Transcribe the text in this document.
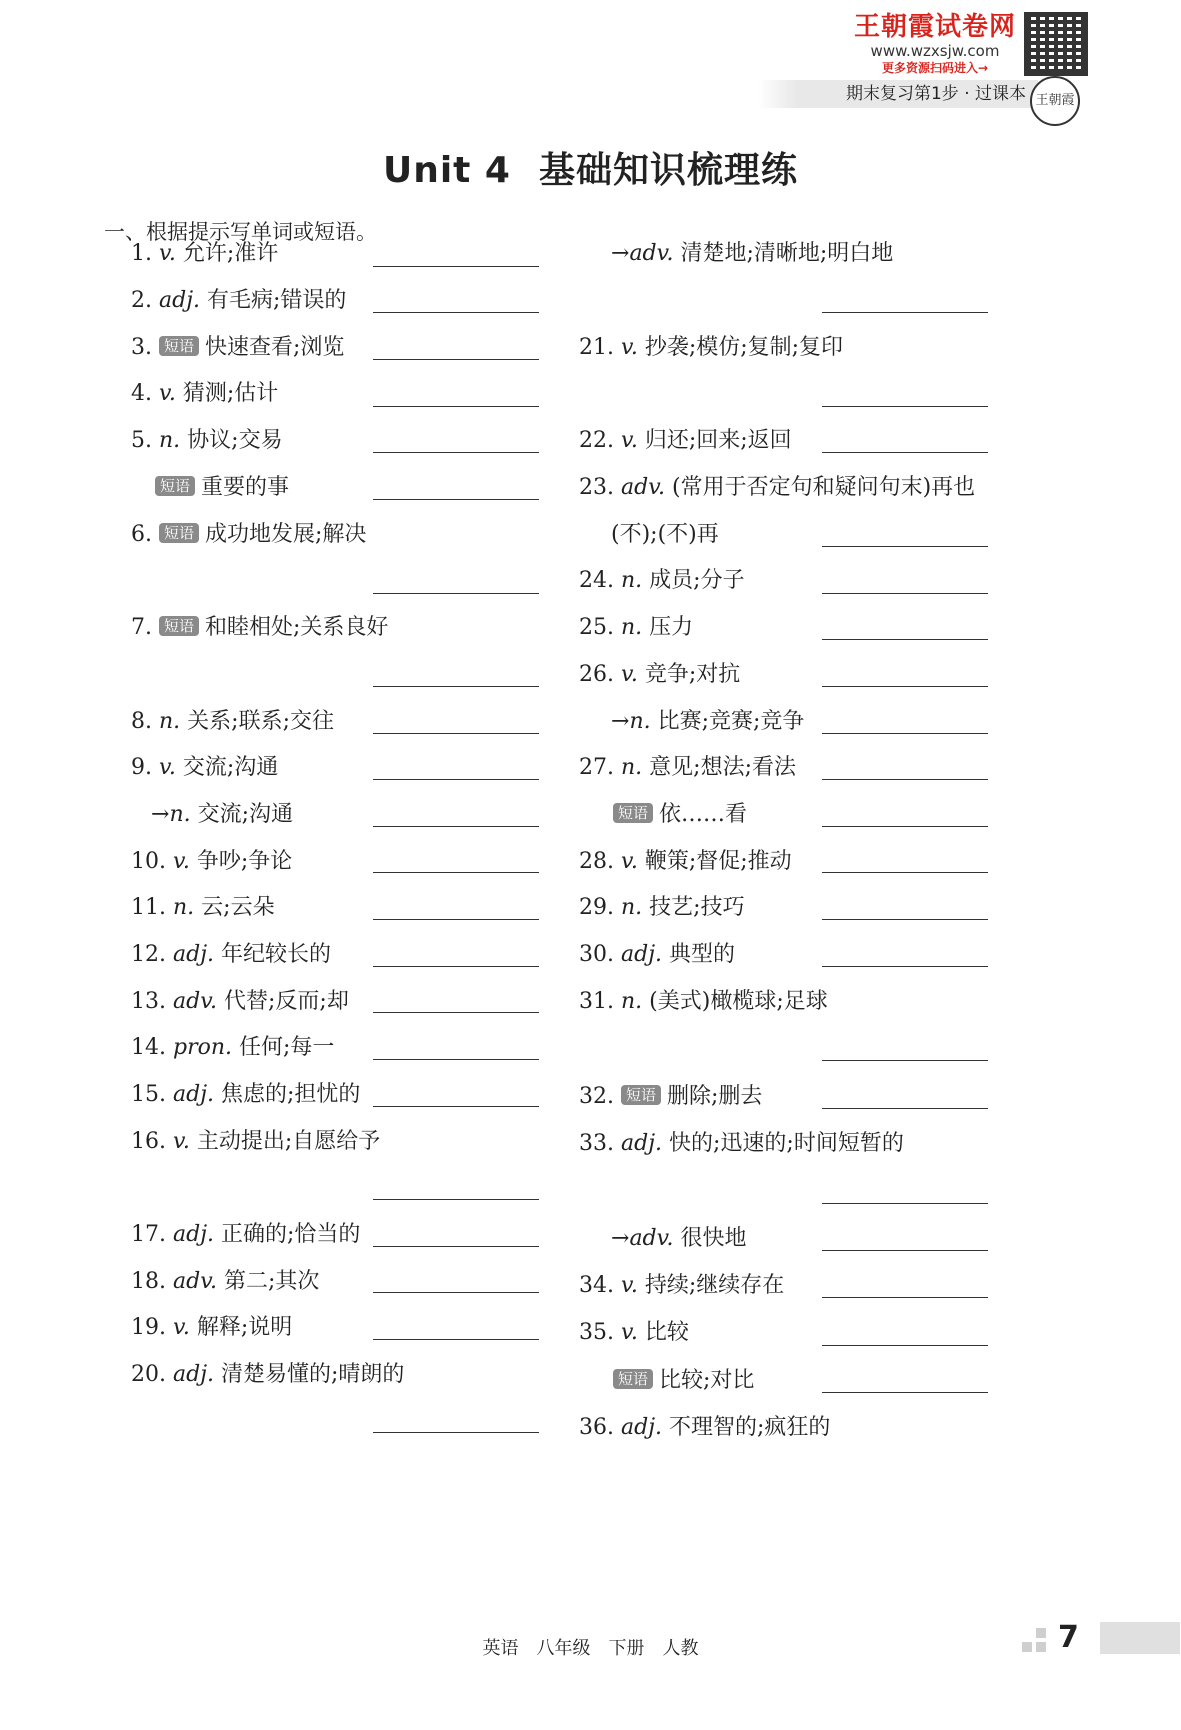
王朝霞试卷网
www.wzxsjw.com
更多资源扫码进入→
期末复习第1步 · 过课本 王朝霞
Unit 4 基础知识梳理练
一、根据提示写单词或短语。
1. v. 允许;准许
2. adj. 有毛病;错误的
3. 短语 快速查看;浏览
4. v. 猜测;估计
5. n. 协议;交易
短语 重要的事
6. 短语 成功地发展;解决
7. 短语 和睦相处;关系良好
8. n. 关系;联系;交往
9. v. 交流;沟通
→n. 交流;沟通
10. v. 争吵;争论
11. n. 云;云朵
12. adj. 年纪较长的
13. adv. 代替;反而;却
14. pron. 任何;每一
15. adj. 焦虑的;担忧的
16. v. 主动提出;自愿给予
17. adj. 正确的;恰当的
18. adv. 第二;其次
19. v. 解释;说明
20. adj. 清楚易懂的;晴朗的
→adv. 清楚地;清晰地;明白地
21. v. 抄袭;模仿;复制;复印
22. v. 归还;回来;返回
23. adv. (常用于否定句和疑问句末)再也
(不);(不)再
24. n. 成员;分子
25. n. 压力
26. v. 竞争;对抗
→n. 比赛;竞赛;竞争
27. n. 意见;想法;看法
短语 依……看
28. v. 鞭策;督促;推动
29. n. 技艺;技巧
30. adj. 典型的
31. n. (美式)橄榄球;足球
32. 短语 删除;删去
33. adj. 快的;迅速的;时间短暂的
→adv. 很快地
34. v. 持续;继续存在
35. v. 比较
短语 比较;对比
36. adj. 不理智的;疯狂的
英语　八年级　下册　人教	7
